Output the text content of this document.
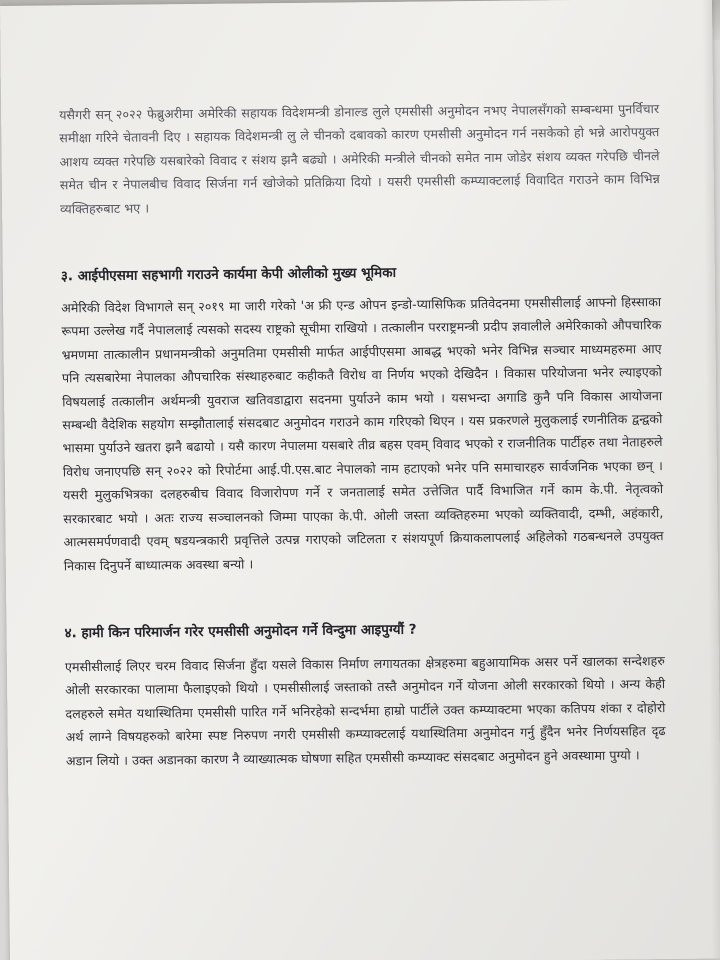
यसैगरी सन् २०२२ फेब्रुअरीमा अमेरिकी सहायक विदेशमन्त्री डोनाल्ड लुले एमसीसी अनुमोदन नभए नेपालसँगको सम्बन्धमा पुनर्विचार समीक्षा गरिने चेतावनी दिए । सहायक विदेशमन्त्री लु ले चीनको दबावको कारण एमसीसी अनुमोदन गर्न नसकेको हो भन्ने आरोपयुक्त आशय व्यक्त गरेपछि यसबारेको विवाद र संशय झनै बढ्यो । अमेरिकी मन्त्रीले चीनको समेत नाम जोडेर संशय व्यक्त गरेपछि चीनले समेत चीन र नेपालबीच विवाद सिर्जना गर्न खोजेको प्रतिक्रिया दियो । यसरी एमसीसी कम्प्याक्टलाई विवादित गराउने काम विभिन्न व्यक्तिहरुबाट भए ।

३. आईपीएसमा सहभागी गराउने कार्यमा केपी ओलीको मुख्य भूमिका

अमेरिकी विदेश विभागले सन् २०१९ मा जारी गरेको 'अ फ्री एन्ड ओपन इन्डो-प्यासिफिक प्रतिवेदनमा एमसीसीलाई आफ्नो हिस्साका रूपमा उल्लेख गर्दै नेपाललाई त्यसको सदस्य राष्ट्रको सूचीमा राखियो । तत्कालीन परराष्ट्रमन्त्री प्रदीप ज्ञवालीले अमेरिकाको औपचारिक भ्रमणमा तात्कालीन प्रधानमन्त्रीको अनुमतिमा एमसीसी मार्फत आईपीएसमा आबद्ध भएको भनेर विभिन्न सञ्चार माध्यमहरुमा आए पनि त्यसबारेमा नेपालका औपचारिक संस्थाहरुबाट कहीकतै विरोध वा निर्णय भएको देखिदैन । विकास परियोजना भनेर ल्याइएको विषयलाई तत्कालीन अर्थमन्त्री युवराज खतिवडाद्वारा सदनमा पुर्याउने काम भयो । यसभन्दा अगाडि कुनै पनि विकास आयोजना सम्बन्धी वैदेशिक सहयोग सम्झौतालाई संसदबाट अनुमोदन गराउने काम गरिएको थिएन । यस प्रकरणले मुलुकलाई रणनीतिक द्वन्द्वको भासमा पुर्याउने खतरा झनै बढायो । यसै कारण नेपालमा यसबारे तीव्र बहस एवम् विवाद भएको र राजनीतिक पार्टीहरु तथा नेताहरुले विरोध जनाएपछि सन् २०२२ को रिपोर्टमा आई.पी.एस.बाट नेपालको नाम हटाएको भनेर पनि समाचारहरु सार्वजनिक भएका छन् । यसरी मुलुकभित्रका दलहरुबीच विवाद विजारोपण गर्ने र जनतालाई समेत उत्तेजित पार्दै विभाजित गर्ने काम के.पी. नेतृत्वको सरकारबाट भयो । अतः राज्य सञ्चालनको जिम्मा पाएका के.पी. ओली जस्ता व्यक्तिहरुमा भएको व्यक्तिवादी, दम्भी, अहंकारी, आत्मसमर्पणवादी एवम् षडयन्त्रकारी प्रवृत्तिले उत्पन्न गराएको जटिलता र संशयपूर्ण क्रियाकलापलाई अहिलेको गठबन्धनले उपयुक्त निकास दिनुपर्ने बाध्यात्मक अवस्था बन्यो ।

४. हामी किन परिमार्जन गरेर एमसीसी अनुमोदन गर्ने विन्दुमा आइपुग्यौं ?

एमसीसीलाई लिएर चरम विवाद सिर्जना हुँदा यसले विकास निर्माण लगायतका क्षेत्रहरुमा बहुआयामिक असर पर्ने खालका सन्देशहरु ओली सरकारका पालामा फैलाइएको थियो । एमसीसीलाई जस्ताको तस्तै अनुमोदन गर्ने योजना ओली सरकारको थियो । अन्य केही दलहरुले समेत यथास्थितिमा एमसीसी पारित गर्ने भनिरहेको सन्दर्भमा हाम्रो पार्टीले उक्त कम्प्याक्टमा भएका कतिपय शंका र दोहोरो अर्थ लाग्ने विषयहरुको बारेमा स्पष्ट निरुपण नगरी एमसीसी कम्प्याक्टलाई यथास्थितिमा अनुमोदन गर्नु हुँदैन भनेर निर्णयसहित दृढ अडान लियो । उक्त अडानका कारण नै व्याख्यात्मक घोषणा सहित एमसीसी कम्प्याक्ट संसदबाट अनुमोदन हुने अवस्थामा पुग्यो ।
